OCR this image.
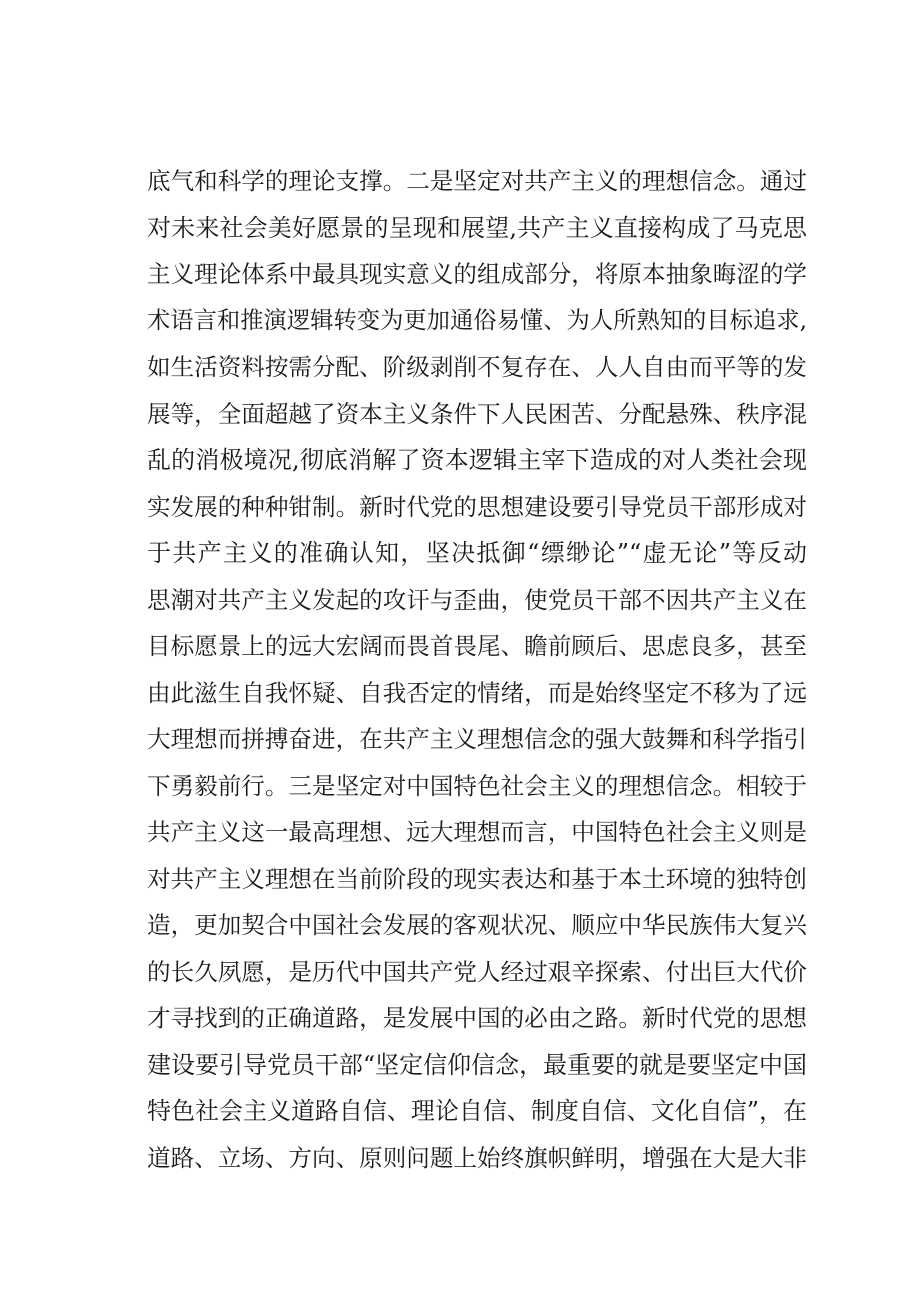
底气和科学的理论支撑。二是坚定对共产主义的理想信念。通过
对未来社会美好愿景的呈现和展望,共产主义直接构成了马克思
主义理论体系中最具现实意义的组成部分，将原本抽象晦涩的学
术语言和推演逻辑转变为更加通俗易懂、为人所熟知的目标追求,
如生活资料按需分配、阶级剥削不复存在、人人自由而平等的发
展等，全面超越了资本主义条件下人民困苦、分配悬殊、秩序混
乱的消极境况,彻底消解了资本逻辑主宰下造成的对人类社会现
实发展的种种钳制。新时代党的思想建设要引导党员干部形成对
于共产主义的准确认知，坚决抵御“缥缈论”“虚无论”等反动
思潮对共产主义发起的攻讦与歪曲，使党员干部不因共产主义在
目标愿景上的远大宏阔而畏首畏尾、瞻前顾后、思虑良多，甚至
由此滋生自我怀疑、自我否定的情绪，而是始终坚定不移为了远
大理想而拼搏奋进，在共产主义理想信念的强大鼓舞和科学指引
下勇毅前行。三是坚定对中国特色社会主义的理想信念。相较于
共产主义这一最高理想、远大理想而言，中国特色社会主义则是
对共产主义理想在当前阶段的现实表达和基于本土环境的独特创
造，更加契合中国社会发展的客观状况、顺应中华民族伟大复兴
的长久夙愿，是历代中国共产党人经过艰辛探索、付出巨大代价
才寻找到的正确道路，是发展中国的必由之路。新时代党的思想
建设要引导党员干部“坚定信仰信念，最重要的就是要坚定中国
特色社会主义道路自信、理论自信、制度自信、文化自信”，在
道路、立场、方向、原则问题上始终旗帜鲜明，增强在大是大非
